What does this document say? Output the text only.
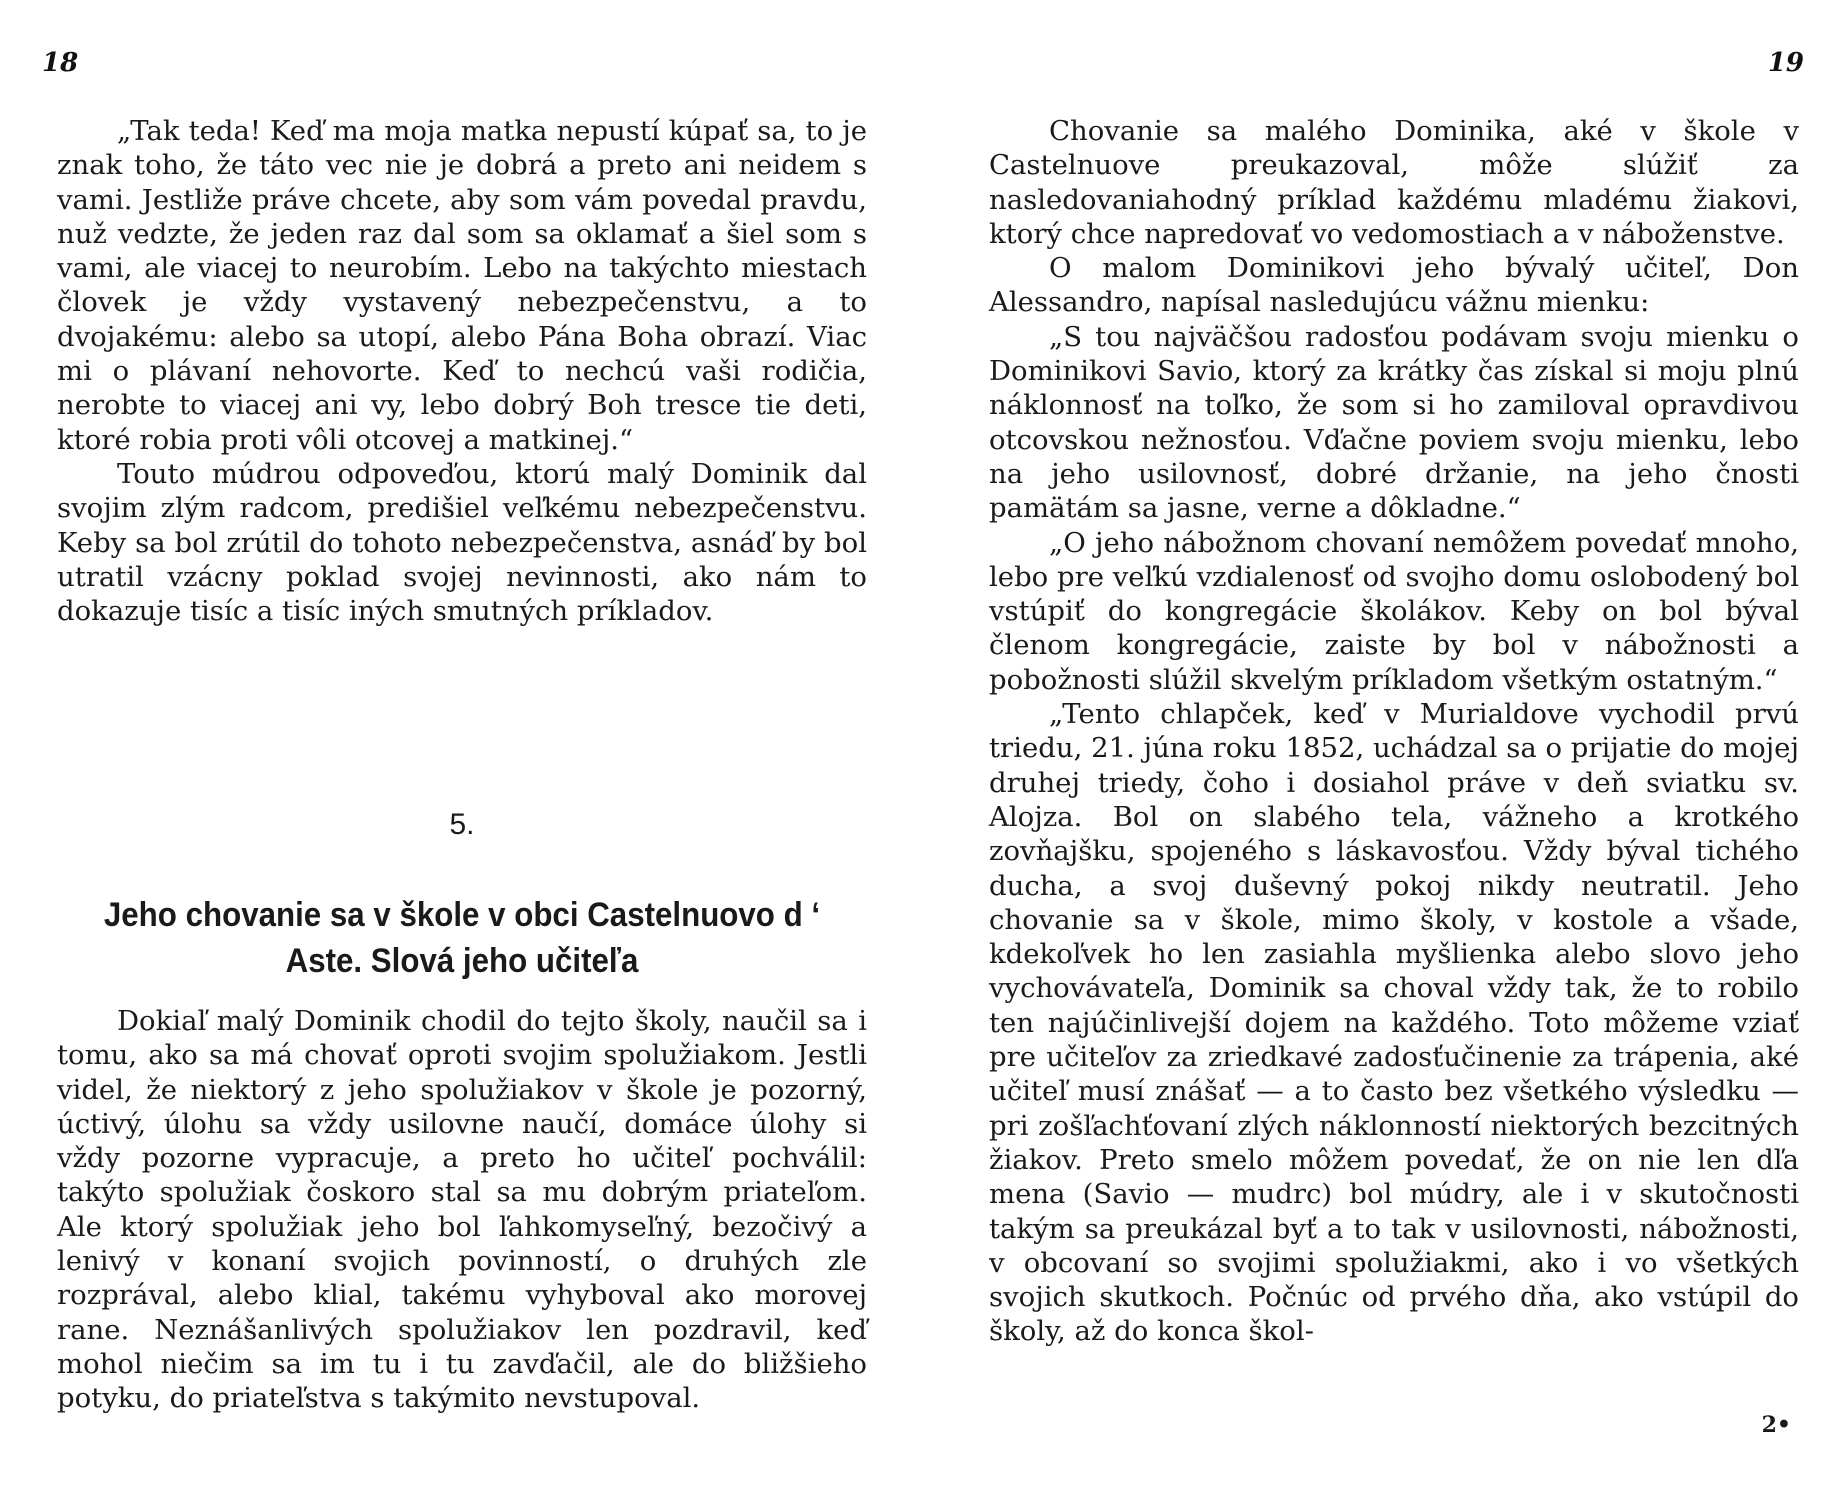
18

„Tak teda! Keď ma moja matka nepustí kúpať sa, to je znak toho, že táto vec nie je dobrá a preto ani neidem s vami. Jestliže práve chcete, aby som vám povedal pravdu, nuž vedzte, že jeden raz dal som sa oklamať a šiel som s vami, ale viacej to neurobím. Lebo na takýchto miestach človek je vždy vystavený nebezpečenstvu, a to dvojakému: alebo sa utopí, alebo Pána Boha obrazí. Viac mi o plávaní nehovorte. Keď to nechcú vaši rodičia, nerobte to viacej ani vy, lebo dobrý Boh tresce tie deti, ktoré robia proti vôli otcovej a matkinej.“

Touto múdrou odpoveďou, ktorú malý Dominik dal svojim zlým radcom, predišiel veľkému nebezpečenstvu. Keby sa bol zrútil do tohoto nebezpečenstva, asnáď by bol utratil vzácny poklad svojej nevinnosti, ako nám to dokazuje tisíc a tisíc iných smutných príkladov.

5.
Jeho chovanie sa v škole v obci Castelnuovo d ‘ Aste. Slová jeho učiteľa

Dokiaľ malý Dominik chodil do tejto školy, naučil sa i tomu, ako sa má chovať oproti svojim spolužiakom. Jestli videl, že niektorý z jeho spolužiakov v škole je pozorný, úctivý, úlohu sa vždy usilovne naučí, domáce úlohy si vždy pozorne vypracuje, a preto ho učiteľ pochválil: takýto spolužiak čoskoro stal sa mu dobrým priateľom. Ale ktorý spolužiak jeho bol ľahkomyseľný, bezočivý a lenivý v konaní svojich povinností, o druhých zle rozprával, alebo klial, takému vyhyboval ako morovej rane. Neznášanlivých spolužiakov len pozdravil, keď mohol niečim sa im tu i tu zavďačil, ale do bližšieho potyku, do priateľstva s takýmito nevstupoval.

19

Chovanie sa malého Dominika, aké v škole v Castelnuove preukazoval, môže slúžiť za nasledovaniahodný príklad každému mladému žiakovi, ktorý chce napredovať vo vedomostiach a v náboženstve.

O malom Dominikovi jeho bývalý učiteľ, Don Alessandro, napísal nasledujúcu vážnu mienku:

„S tou najväčšou radosťou podávam svoju mienku o Dominikovi Savio, ktorý za krátky čas získal si moju plnú náklonnosť na toľko, že som si ho zamiloval opravdivou otcovskou nežnosťou. Vďačne poviem svoju mienku, lebo na jeho usilovnosť, dobré držanie, na jeho čnosti pamätám sa jasne, verne a dôkladne.“

„O jeho nábožnom chovaní nemôžem povedať mnoho, lebo pre veľkú vzdialenosť od svojho domu oslobodený bol vstúpiť do kongregácie školákov. Keby on bol býval členom kongregácie, zaiste by bol v nábožnosti a pobožnosti slúžil skvelým príkladom všetkým ostatným.“

„Tento chlapček, keď v Murialdove vychodil prvú triedu, 21. júna roku 1852, uchádzal sa o prijatie do mojej druhej triedy, čoho i dosiahol práve v deň sviatku sv. Alojza. Bol on slabého tela, vážneho a krotkého zovňajšku, spojeného s láskavosťou. Vždy býval tichého ducha, a svoj duševný pokoj nikdy neutratil. Jeho chovanie sa v škole, mimo školy, v kostole a všade, kdekoľvek ho len zasiahla myšlienka alebo slovo jeho vychovávateľa, Dominik sa choval vždy tak, že to robilo ten najúčinlivejší dojem na každého. Toto môžeme vziať pre učiteľov za zriedkavé zadosťučinenie za trápenia, aké učiteľ musí znášať — a to často bez všetkého výsledku — pri zošľachťovaní zlých náklonností niektorých bezcitných žiakov. Preto smelo môžem povedať, že on nie len dľa mena (Savio — mudrc) bol múdry, ale i v skutočnosti takým sa preukázal byť a to tak v usilovnosti, nábožnosti, v obcovaní so svojimi spolužiakmi, ako i vo všetkých svojich skutkoch. Počnúc od prvého dňa, ako vstúpil do školy, až do konca škol-

2•
